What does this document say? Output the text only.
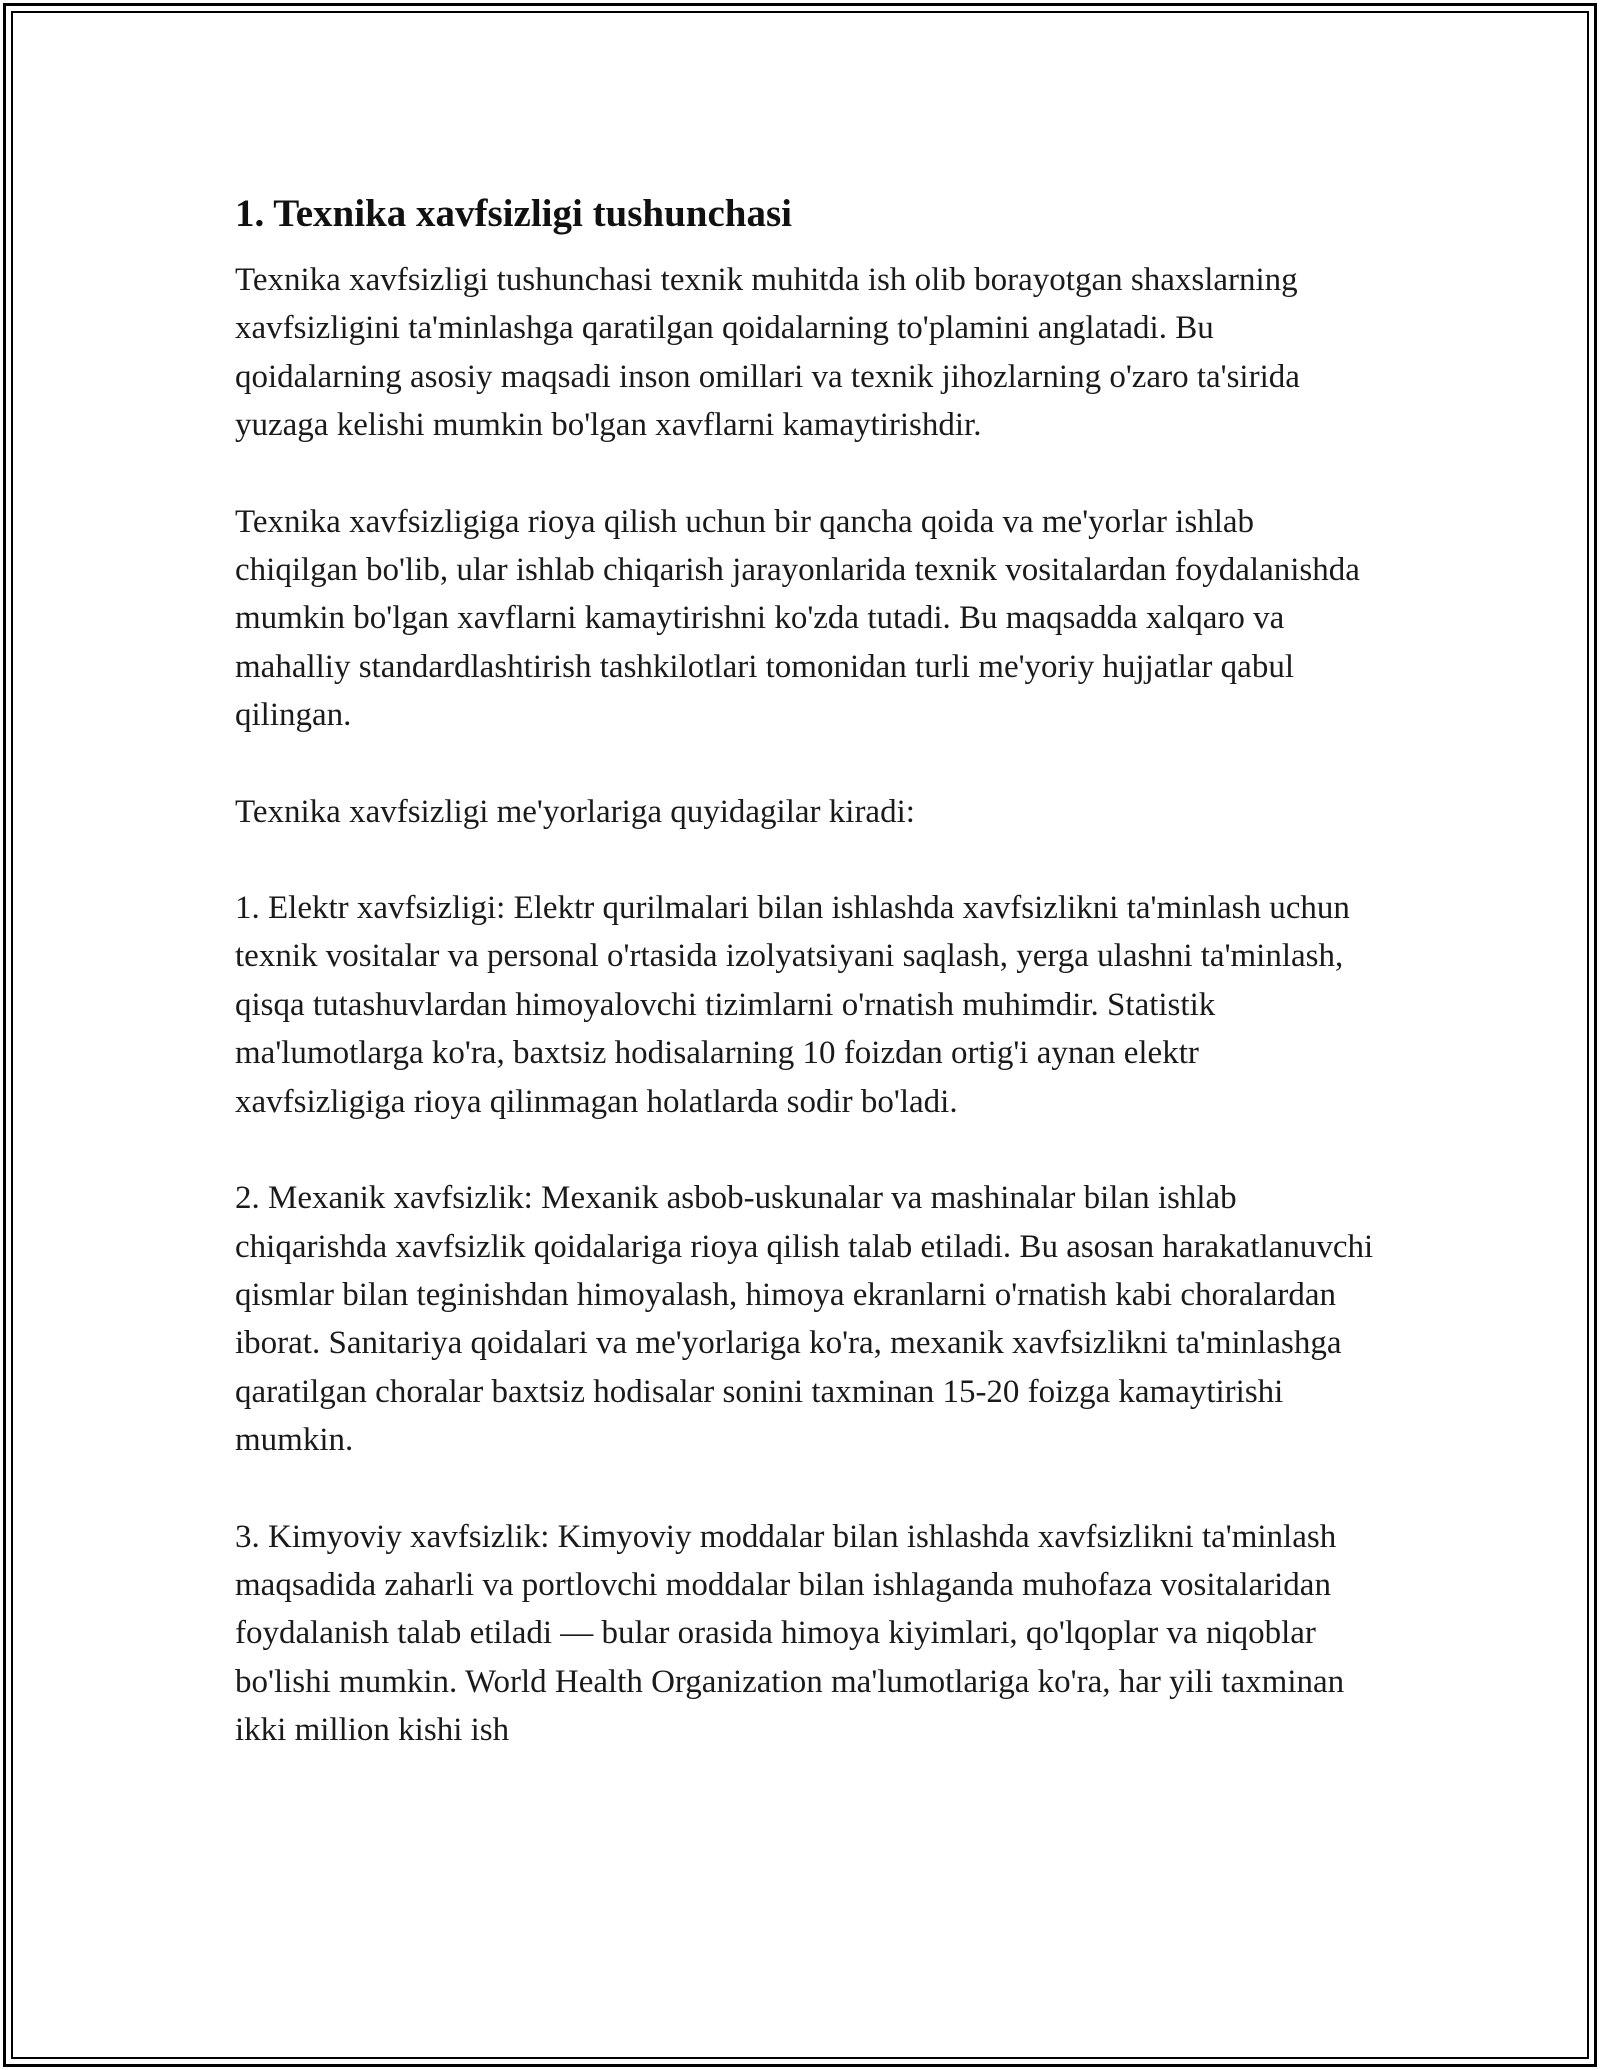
1. Texnika xavfsizligi tushunchasi

Texnika xavfsizligi tushunchasi texnik muhitda ish olib borayotgan shaxslarning xavfsizligini ta'minlashga qaratilgan qoidalarning to'plamini anglatadi. Bu qoidalarning asosiy maqsadi inson omillari va texnik jihozlarning o'zaro ta'sirida yuzaga kelishi mumkin bo'lgan xavflarni kamaytirishdir.

Texnika xavfsizligiga rioya qilish uchun bir qancha qoida va me'yorlar ishlab chiqilgan bo'lib, ular ishlab chiqarish jarayonlarida texnik vositalardan foydalanishda mumkin bo'lgan xavflarni kamaytirishni ko'zda tutadi. Bu maqsadda xalqaro va mahalliy standardlashtirish tashkilotlari tomonidan turli me'yoriy hujjatlar qabul qilingan.

Texnika xavfsizligi me'yorlariga quyidagilar kiradi:

1. Elektr xavfsizligi: Elektr qurilmalari bilan ishlashda xavfsizlikni ta'minlash uchun texnik vositalar va personal o'rtasida izolyatsiyani saqlash, yerga ulashni ta'minlash, qisqa tutashuvlardan himoyalovchi tizimlarni o'rnatish muhimdir. Statistik ma'lumotlarga ko'ra, baxtsiz hodisalarning 10 foizdan ortig'i aynan elektr xavfsizligiga rioya qilinmagan holatlarda sodir bo'ladi.

2. Mexanik xavfsizlik: Mexanik asbob-uskunalar va mashinalar bilan ishlab chiqarishda xavfsizlik qoidalariga rioya qilish talab etiladi. Bu asosan harakatlanuvchi qismlar bilan teginishdan himoyalash, himoya ekranlarni o'rnatish kabi choralardan iborat. Sanitariya qoidalari va me'yorlariga ko'ra, mexanik xavfsizlikni ta'minlashga qaratilgan choralar baxtsiz hodisalar sonini taxminan 15-20 foizga kamaytirishi mumkin.

3. Kimyoviy xavfsizlik: Kimyoviy moddalar bilan ishlashda xavfsizlikni ta'minlash maqsadida zaharli va portlovchi moddalar bilan ishlaganda muhofaza vositalaridan foydalanish talab etiladi — bular orasida himoya kiyimlari, qo'lqoplar va niqoblar bo'lishi mumkin. World Health Organization ma'lumotlariga ko'ra, har yili taxminan ikki million kishi ish
